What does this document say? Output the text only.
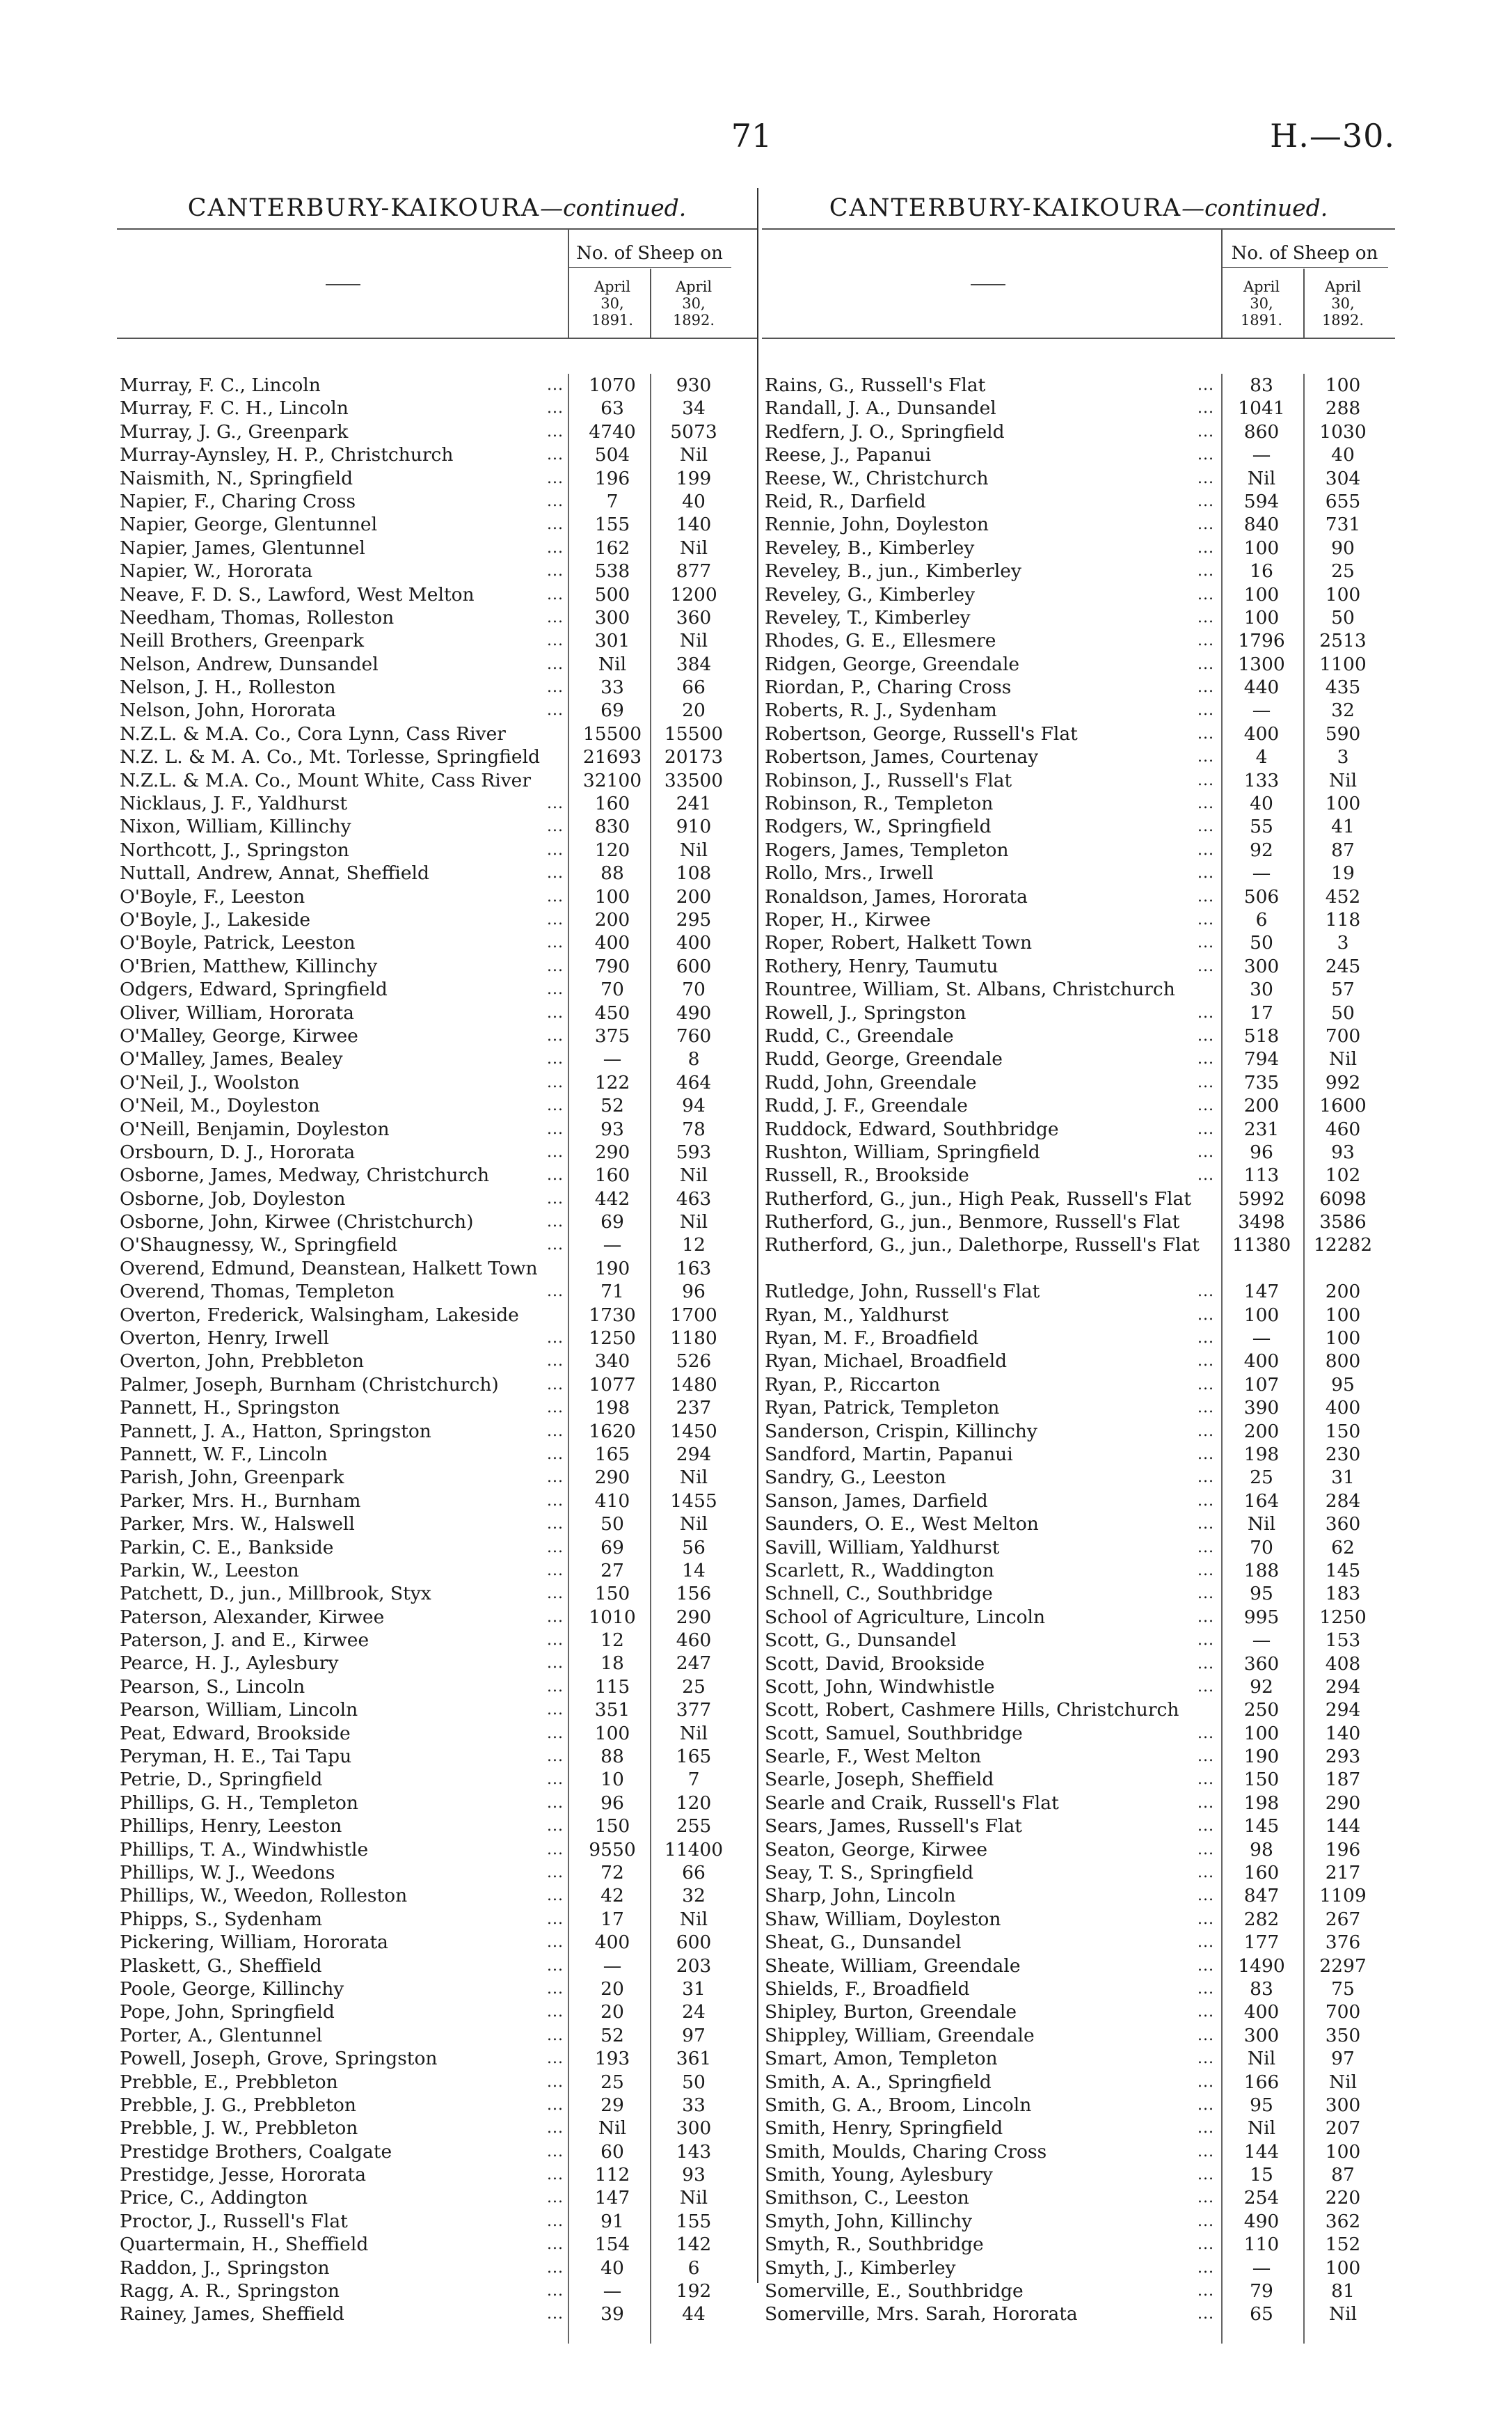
71	H.—30.
CANTERBURY-KAIKOURA—continued.
No. of Sheep on
April 30, 1891.
April 30, 1892.
Murray, F. C., Lincoln	...	1070	930
Murray, F. C. H., Lincoln	...	63	34
Murray, J. G., Greenpark	...	4740	5073
Murray-Aynsley, H. P., Christchurch	...	504	Nil
Naismith, N., Springfield	...	196	199
Napier, F., Charing Cross	...	7	40
Napier, George, Glentunnel	...	155	140
Napier, James, Glentunnel	...	162	Nil
Napier, W., Hororata	...	538	877
Neave, F. D. S., Lawford, West Melton	...	500	1200
Needham, Thomas, Rolleston	...	300	360
Neill Brothers, Greenpark	...	301	Nil
Nelson, Andrew, Dunsandel	...	Nil	384
Nelson, J. H., Rolleston	...	33	66
Nelson, John, Hororata	...	69	20
N.Z.L. & M.A. Co., Cora Lynn, Cass River	15500 15500
N.Z. L. & M. A. Co., Mt. Torlesse, Springfield	21693 20173
N.Z.L. & M.A. Co., Mount White, Cass River	32100 33500
Nicklaus, J. F., Yaldhurst	...	160	241
Nixon, William, Killinchy	...	830	910
Northcott, J., Springston	...	120	Nil
Nuttall, Andrew, Annat, Sheffield	...	88	108
O'Boyle, F., Leeston	...	100	200
O'Boyle, J., Lakeside	...	200	295
O'Boyle, Patrick, Leeston	...	400	400
O'Brien, Matthew, Killinchy	...	790	600
Odgers, Edward, Springfield	...	70	70
Oliver, William, Hororata	...	450	490
O'Malley, George, Kirwee	...	375	760
O'Malley, James, Bealey	...	—	8
O'Neil, J., Woolston	...	122	464
O'Neil, M., Doyleston	...	52	94
O'Neill, Benjamin, Doyleston	...	93	78
Orsbourn, D. J., Hororata	...	290	593
Osborne, James, Medway, Christchurch	...	160	Nil
Osborne, Job, Doyleston	...	442	463
Osborne, John, Kirwee (Christchurch)	...	69	Nil
O'Shaugnessy, W., Springfield	...	—	12
Overend, Edmund, Deanstean, Halkett Town	190	163
Overend, Thomas, Templeton	...	71	96
Overton, Frederick, Walsingham, Lakeside	1730	1700
Overton, Henry, Irwell	...	1250	1180
Overton, John, Prebbleton	...	340	526
Palmer, Joseph, Burnham (Christchurch)	...	1077	1480
Pannett, H., Springston	...	198	237
Pannett, J. A., Hatton, Springston	...	1620	1450
Pannett, W. F., Lincoln	...	165	294
Parish, John, Greenpark	...	290	Nil
Parker, Mrs. H., Burnham	...	410	1455
Parker, Mrs. W., Halswell	...	50	Nil
Parkin, C. E., Bankside	...	69	56
Parkin, W., Leeston	...	27	14
Patchett, D., jun., Millbrook, Styx	...	150	156
Paterson, Alexander, Kirwee	...	1010	290
Paterson, J. and E., Kirwee	...	12	460
Pearce, H. J., Aylesbury	...	18	247
Pearson, S., Lincoln	...	115	25
Pearson, William, Lincoln	...	351	377
Peat, Edward, Brookside	...	100	Nil
Peryman, H. E., Tai Tapu	...	88	165
Petrie, D., Springfield	...	10	7
Phillips, G. H., Templeton	...	96	120
Phillips, Henry, Leeston	...	150	255
Phillips, T. A., Windwhistle	...	9550	11400
Phillips, W. J., Weedons	...	72	66
Phillips, W., Weedon, Rolleston	...	42	32
Phipps, S., Sydenham	...	17	Nil
Pickering, William, Hororata	...	400	600
Plaskett, G., Sheffield	...	—	203
Poole, George, Killinchy	...	20	31
Pope, John, Springfield	...	20	24
Porter, A., Glentunnel	...	52	97
Powell, Joseph, Grove, Springston	...	193	361
Prebble, E., Prebbleton	...	25	50
Prebble, J. G., Prebbleton	...	29	33
Prebble, J. W., Prebbleton	...	Nil	300
Prestidge Brothers, Coalgate	...	60	143
Prestidge, Jesse, Hororata	...	112	93
Price, C., Addington	...	147	Nil
Proctor, J., Russell's Flat	...	91	155
Quartermain, H., Sheffield	...	154	142
Raddon, J., Springston	...	40	6
Ragg, A. R., Springston	...	—	192
Rainey, James, Sheffield	...	39	44
CANTERBURY-KAIKOURA—continued.
No. of Sheep on
April 30, 1891.
April 30, 1892.
Rains, G., Russell's Flat	...	83	100
Randall, J. A., Dunsandel	...	1041	288
Redfern, J. O., Springfield	...	860	1030
Reese, J., Papanui	...	—	40
Reese, W., Christchurch	...	Nil	304
Reid, R., Darfield	...	594	655
Rennie, John, Doyleston	...	840	731
Reveley, B., Kimberley	...	100	90
Reveley, B., jun., Kimberley	...	16	25
Reveley, G., Kimberley	...	100	100
Reveley, T., Kimberley	...	100	50
Rhodes, G. E., Ellesmere	...	1796	2513
Ridgen, George, Greendale	...	1300	1100
Riordan, P., Charing Cross	...	440	435
Roberts, R. J., Sydenham	...	—	32
Robertson, George, Russell's Flat	...	400	590
Robertson, James, Courtenay	...	4	3
Robinson, J., Russell's Flat	...	133	Nil
Robinson, R., Templeton	...	40	100
Rodgers, W., Springfield	...	55	41
Rogers, James, Templeton	...	92	87
Rollo, Mrs., Irwell	...	—	19
Ronaldson, James, Hororata	...	506	452
Roper, H., Kirwee	...	6	118
Roper, Robert, Halkett Town	...	50	3
Rothery, Henry, Taumutu	...	300	245
Rountree, William, St. Albans, Christchurch	30	57
Rowell, J., Springston	...	17	50
Rudd, C., Greendale	...	518	700
Rudd, George, Greendale	...	794	Nil
Rudd, John, Greendale	...	735	992
Rudd, J. F., Greendale	...	200	1600
Ruddock, Edward, Southbridge	...	231	460
Rushton, William, Springfield	...	96	93
Russell, R., Brookside	...	113	102
Rutherford, G., jun., High Peak, Russell's Flat	5992	6098
Rutherford, G., jun., Benmore, Russell's Flat	3498	3586
Rutherford, G., jun., Dalethorpe, Russell's Flat	11380 12282
Rutledge, John, Russell's Flat	...	147	200
Ryan, M., Yaldhurst	...	100	100
Ryan, M. F., Broadfield	...	—	100
Ryan, Michael, Broadfield	...	400	800
Ryan, P., Riccarton	...	107	95
Ryan, Patrick, Templeton	...	390	400
Sanderson, Crispin, Killinchy	...	200	150
Sandford, Martin, Papanui	...	198	230
Sandry, G., Leeston	...	25	31
Sanson, James, Darfield	...	164	284
Saunders, O. E., West Melton	...	Nil	360
Savill, William, Yaldhurst	...	70	62
Scarlett, R., Waddington	...	188	145
Schnell, C., Southbridge	...	95	183
School of Agriculture, Lincoln	...	995	1250
Scott, G., Dunsandel	...	—	153
Scott, David, Brookside	...	360	408
Scott, John, Windwhistle	...	92	294
Scott, Robert, Cashmere Hills, Christchurch	250	294
Scott, Samuel, Southbridge	...	100	140
Searle, F., West Melton	...	190	293
Searle, Joseph, Sheffield	...	150	187
Searle and Craik, Russell's Flat	...	198	290
Sears, James, Russell's Flat	...	145	144
Seaton, George, Kirwee	...	98	196
Seay, T. S., Springfield	...	160	217
Sharp, John, Lincoln	...	847	1109
Shaw, William, Doyleston	...	282	267
Sheat, G., Dunsandel	...	177	376
Sheate, William, Greendale	...	1490	2297
Shields, F., Broadfield	...	83	75
Shipley, Burton, Greendale	...	400	700
Shippley, William, Greendale	...	300	350
Smart, Amon, Templeton	...	Nil	97
Smith, A. A., Springfield	...	166	Nil
Smith, G. A., Broom, Lincoln	...	95	300
Smith, Henry, Springfield	...	Nil	207
Smith, Moulds, Charing Cross	...	144	100
Smith, Young, Aylesbury	...	15	87
Smithson, C., Leeston	...	254	220
Smyth, John, Killinchy	...	490	362
Smyth, R., Southbridge	...	110	152
Smyth, J., Kimberley	...	—	100
Somerville, E., Southbridge	...	79	81
Somerville, Mrs. Sarah, Hororata	...	65	Nil
